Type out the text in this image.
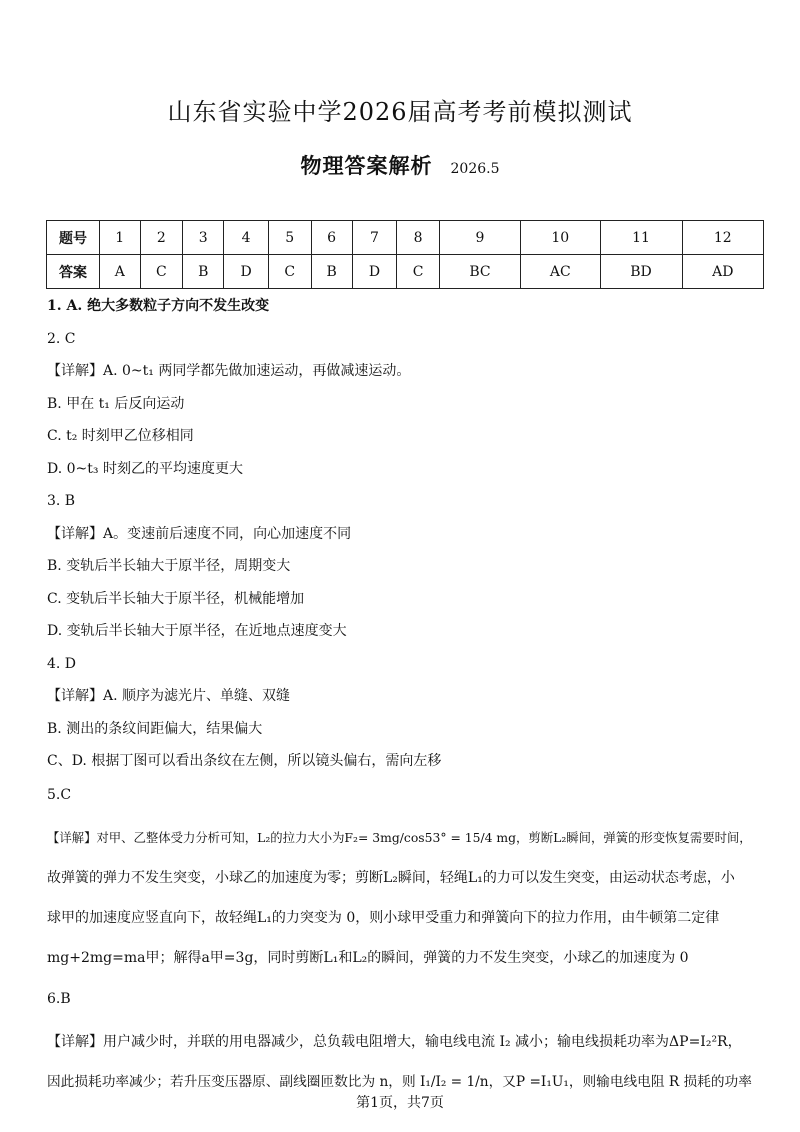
山东省实验中学2026届高考考前模拟测试
物理答案解析 2026.5
题号	1	2	3	4	5	6	7	8	9	10	11	12
答案	A	C	B	D	C	B	D	C	BC	AC	BD	AD
1. A. 绝大多数粒子方向不发生改变
2. C
【详解】A. 0~t₁ 两同学都先做加速运动，再做减速运动。
B. 甲在 t₁ 后反向运动
C. t₂ 时刻甲乙位移相同
D. 0~t₃ 时刻乙的平均速度更大
3. B
【详解】A。变速前后速度不同，向心加速度不同
B. 变轨后半长轴大于原半径，周期变大
C. 变轨后半长轴大于原半径，机械能增加
D. 变轨后半长轴大于原半径，在近地点速度变大
4. D
【详解】A. 顺序为滤光片、单缝、双缝
B. 测出的条纹间距偏大，结果偏大
C、D. 根据丁图可以看出条纹在左侧，所以镜头偏右，需向左移
5.C
【详解】对甲、乙整体受力分析可知，L₂的拉力大小为F₂= 3mg/cos53° = 15/4 mg，剪断L₂瞬间，弹簧的形变恢复需要时间，
故弹簧的弹力不发生突变，小球乙的加速度为零；剪断L₂瞬间，轻绳L₁的力可以发生突变，由运动状态考虑，小
球甲的加速度应竖直向下，故轻绳L₁的力突变为 0，则小球甲受重力和弹簧向下的拉力作用，由牛顿第二定律
mg+2mg=ma甲；解得a甲=3g，同时剪断L₁和L₂的瞬间，弹簧的力不发生突变，小球乙的加速度为 0
6.B
【详解】用户减少时，并联的用电器减少，总负载电阻增大，输电线电流 I₂ 减小；输电线损耗功率为ΔP=I₂²R，
因此损耗功率减少；若升压变压器原、副线圈匝数比为 n，则 I₁/I₂ = 1/n，又P =I₁U₁，则输电线电阻 R 损耗的功率
第1页，共7页
